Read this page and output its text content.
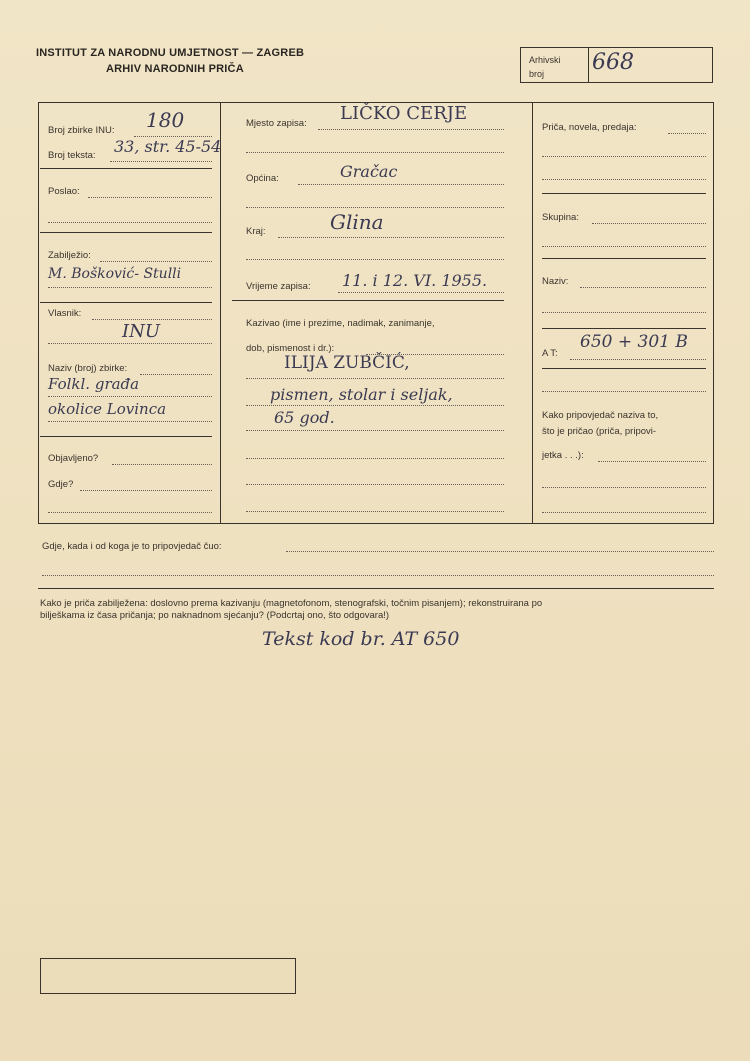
INSTITUT ZA NARODNU UMJETNOST — ZAGREB
ARHIV NARODNIH PRIČA
Arhivski
broj 668
Broj zbirke INU: 180
Broj teksta: 33, str. 45-54
Poslao:
Zabilježio:
M. Bošković- Stulli
Vlasnik:
INU
Naziv (broj) zbirke:
Folkl. građa
okolice Lovinca
Objavljeno?
Gdje?
Mjesto zapisa: LIČKO CERJE
Općina:	Gračac
Kraj:	Glina
Vrijeme zapisa: 11. i 12. VI. 1955.
Kazivao (ime i prezime, nadimak, zanimanje,
dob, pismenost i dr.):
ILIJA ZUBČIĆ,
pismen, stolar i seljak,
65 god.
Priča, novela, predaja:
Skupina:
Naziv:
A T:
650 + 301 B
Kako pripovjedač naziva to,
što je pričao (priča, pripovi-
jetka . . .):
Gdje, kada i od koga je to pripovjedač čuo:
Kako je priča zabilježena: doslovno prema kazivanju (magnetofonom, stenografski, točnim pisanjem); rekonstruirana po
bilješkama iz časa pričanja; po naknadnom sjećanju? (Podcrtaj ono, što odgovara!)
Tekst kod br. AT 650
